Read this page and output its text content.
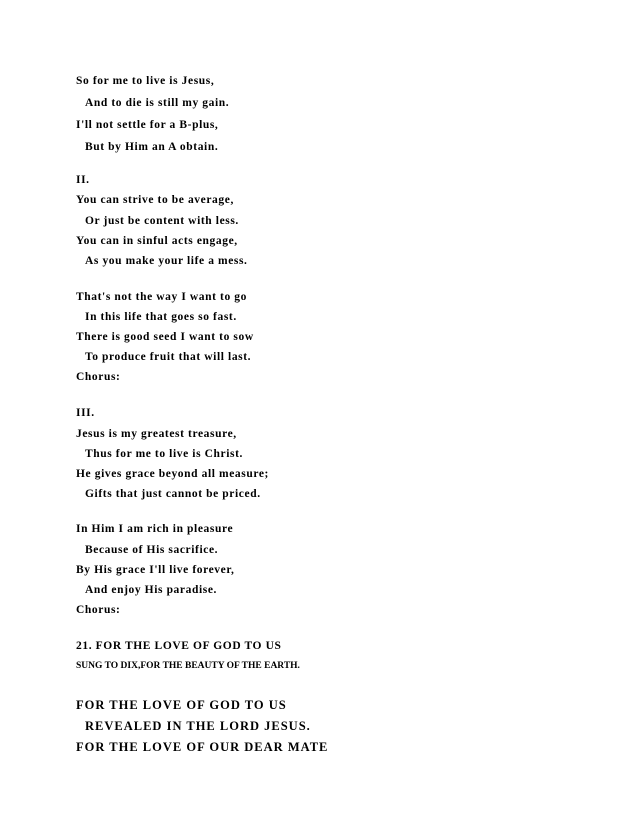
So for me to live is Jesus,
And to die is still my gain.
I'll not settle for a B-plus,
But by Him an A obtain.
II.
You can strive to be average,
Or just be content with less.
You can in sinful acts engage,
As you make your life a mess.
That's not the way I want to go
In this life that goes so fast.
There is good seed I want to sow
To produce fruit that will last.
Chorus:
III.
Jesus is my greatest treasure,
Thus for me to live is Christ.
He gives grace beyond all measure;
Gifts that just cannot be priced.
In Him I am rich in pleasure
Because of His sacrifice.
By His grace I'll live forever,
And enjoy His paradise.
Chorus:
21. FOR THE LOVE OF GOD TO US
SUNG TO DIX,FOR THE BEAUTY OF THE EARTH.
FOR THE LOVE OF GOD TO US
REVEALED IN THE LORD JESUS.
FOR THE LOVE OF OUR DEAR MATE
